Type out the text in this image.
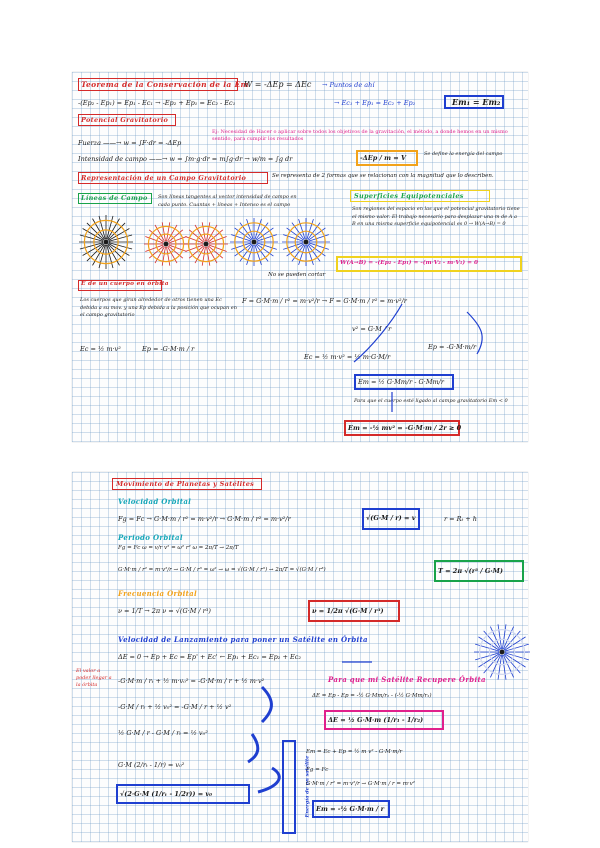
Teorema de la Conservación de la Em
W = -ΔEp = ΔEc → Puntos de ahí
-(Ep₂ - Ep₁) = Ep₁ - Ec₁ → -Ep₂ + Ep₁ = Ec₂ - Ec₁	→ Ec₁ + Ep₁ = Ec₂ + Ep₂	Em₁ = Em₂
Potencial Gravitatorio
Ej: Necesidad de Hacer o aplicar sobre todos los objetivos de la gravitación, el método, a donde hemos en un mismo sentido, para cumplir los resultados
Fuerza ——→ w = ∫F·dr = -ΔEp
Intensidad de campo ——→ w = ∫m·g·dr = m∫g·dr → w/m = ∫g dr	-ΔEp / m = V	Se define la energía del campo
Representación de un Campo Gravitatorio	Se representa de 2 formas que se relacionan con la magnitud que lo describen.
Líneas de Campo Son líneas tangentes al vector intensidad de campo en cada punto. Cuantas + líneas + Intenso es el campo
Superficies Equipotenciales
Son regiones del espacio en las que el potencial gravitatorio tiene el mismo valor. El trabajo necesario para desplazar una m de A a B en una misma superficie equipotencial es 0 → W(A→B) = 0
No se pueden cortar
W(A→B) = -(Ep₂ - Ep₁) = -(m·V₂ - m·V₁) = 0
E de un cuerpo en órbita
Los cuerpos que giran alrededor de otros tienen una Ec debida a su mov. y una Ep debida a la posición que ocupan en el campo gravitatorio
Ec = ½ m·v²	Ep = -G·M·m / r
F = G·M·m / r² = m·v²/r → F = G·M·m / r² = m·v²/r
v² = G·M / r
Ec = ½ m·v² = ½ m·G·M/r
Ep = -G·M·m/r
Em = ½ G·Mm/r - G·Mm/r
Para que el cuerpo esté ligado al campo gravitatorio Em < 0
Em = -½ mv² = -G·M·m / 2r ≥ 0
Movimiento de Planetas y Satélites
Velocidad Orbital
Fg = Fc → G·M·m / r² = m·v²/r → G·M·m / r² = m·v²/r	√(G·M / r) = v	r = Rₜ + h
Periodo Orbital
Fg = Fc ω = v/r v² = ω² r² ω = 2π/T → 2π/T
G·M·m / r² = m·v²/r → G·M / r³ = ω² → ω = √(G·M / r³) → 2π/T = √(G·M / r³)	T = 2π √(r³ / G·M)
Frecuencia Orbital
ν = 1/T → 2π ν = √(G·M / r³)	ν = 1/2π √(G·M / r³)
Velocidad de Lanzamiento para poner un Satélite en Órbita
ΔE = 0 → Ep + Ec = Ep' + Ec' ← Ep₁ + Ec₁ = Ep₂ + Ec₂
El valor a poder llegar a la órbita	-G·M·m / rₜ + ½ m·v₀² = -G·M·m / r + ½ m·v²
-G·M / rₜ + ½ v₀² = -G·M / r + ½ v²
½ G·M / r - G·M / rₜ = ½ v₀²
G·M (2/rₜ - 1/r) = v₀²
√(2·G·M (1/rₜ - 1/2r)) = v₀
Para que mi Satélite Recupere Órbita
ΔE = Ep - Ep = -½ G·Mm/r₂ - (-½ G·Mm/r₁)
ΔE = ½ G·M·m (1/r₁ - 1/r₂)
Energía de un satélite
Em = Ec + Ep = ½ m v² - G·M·m/r
Fg = Fc
G·M·m / r² = m·v²/r → G·M·m / r = m·v²
Em = -½ G·M·m / r
